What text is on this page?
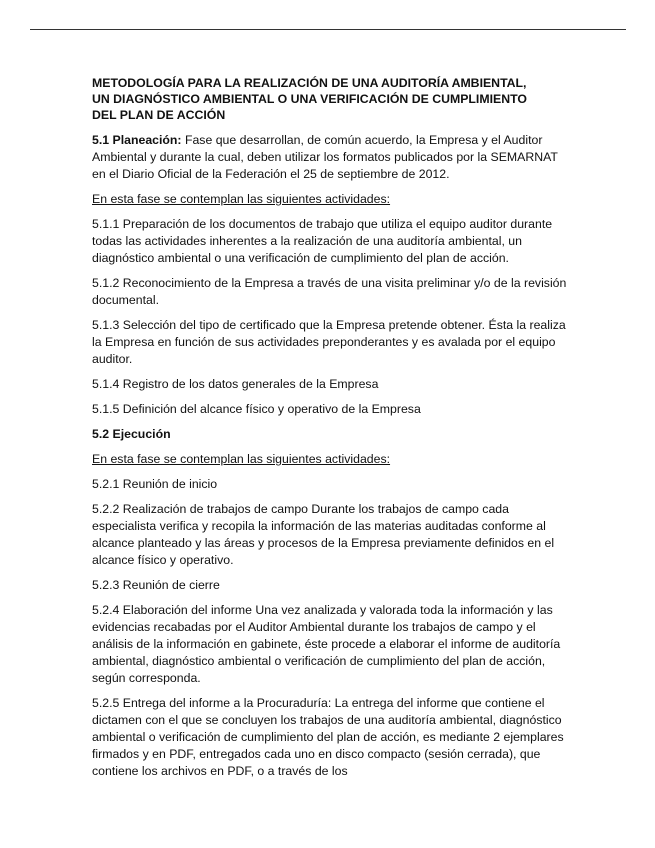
METODOLOGÍA PARA LA REALIZACIÓN DE UNA AUDITORÍA AMBIENTAL,
UN DIAGNÓSTICO AMBIENTAL O UNA VERIFICACIÓN DE CUMPLIMIENTO
DEL PLAN DE ACCIÓN

5.1 Planeación: Fase que desarrollan, de común acuerdo, la Empresa y el Auditor Ambiental y durante la cual, deben utilizar los formatos publicados por la SEMARNAT en el Diario Oficial de la Federación el 25 de septiembre de 2012.

En esta fase se contemplan las siguientes actividades:

5.1.1 Preparación de los documentos de trabajo que utiliza el equipo auditor durante todas las actividades inherentes a la realización de una auditoría ambiental, un diagnóstico ambiental o una verificación de cumplimiento del plan de acción.

5.1.2 Reconocimiento de la Empresa a través de una visita preliminar y/o de la revisión documental.

5.1.3 Selección del tipo de certificado que la Empresa pretende obtener. Ésta la realiza la Empresa en función de sus actividades preponderantes y es avalada por el equipo auditor.

5.1.4 Registro de los datos generales de la Empresa

5.1.5 Definición del alcance físico y operativo de la Empresa

5.2 Ejecución

En esta fase se contemplan las siguientes actividades:

5.2.1 Reunión de inicio

5.2.2 Realización de trabajos de campo Durante los trabajos de campo cada especialista verifica y recopila la información de las materias auditadas conforme al alcance planteado y las áreas y procesos de la Empresa previamente definidos en el alcance físico y operativo.

5.2.3 Reunión de cierre

5.2.4 Elaboración del informe Una vez analizada y valorada toda la información y las evidencias recabadas por el Auditor Ambiental durante los trabajos de campo y el análisis de la información en gabinete, éste procede a elaborar el informe de auditoría ambiental, diagnóstico ambiental o verificación de cumplimiento del plan de acción, según corresponda.

5.2.5 Entrega del informe a la Procuraduría: La entrega del informe que contiene el dictamen con el que se concluyen los trabajos de una auditoría ambiental, diagnóstico ambiental o verificación de cumplimiento del plan de acción, es mediante 2 ejemplares firmados y en PDF, entregados cada uno en disco compacto (sesión cerrada), que contiene los archivos en PDF, o a través de los
